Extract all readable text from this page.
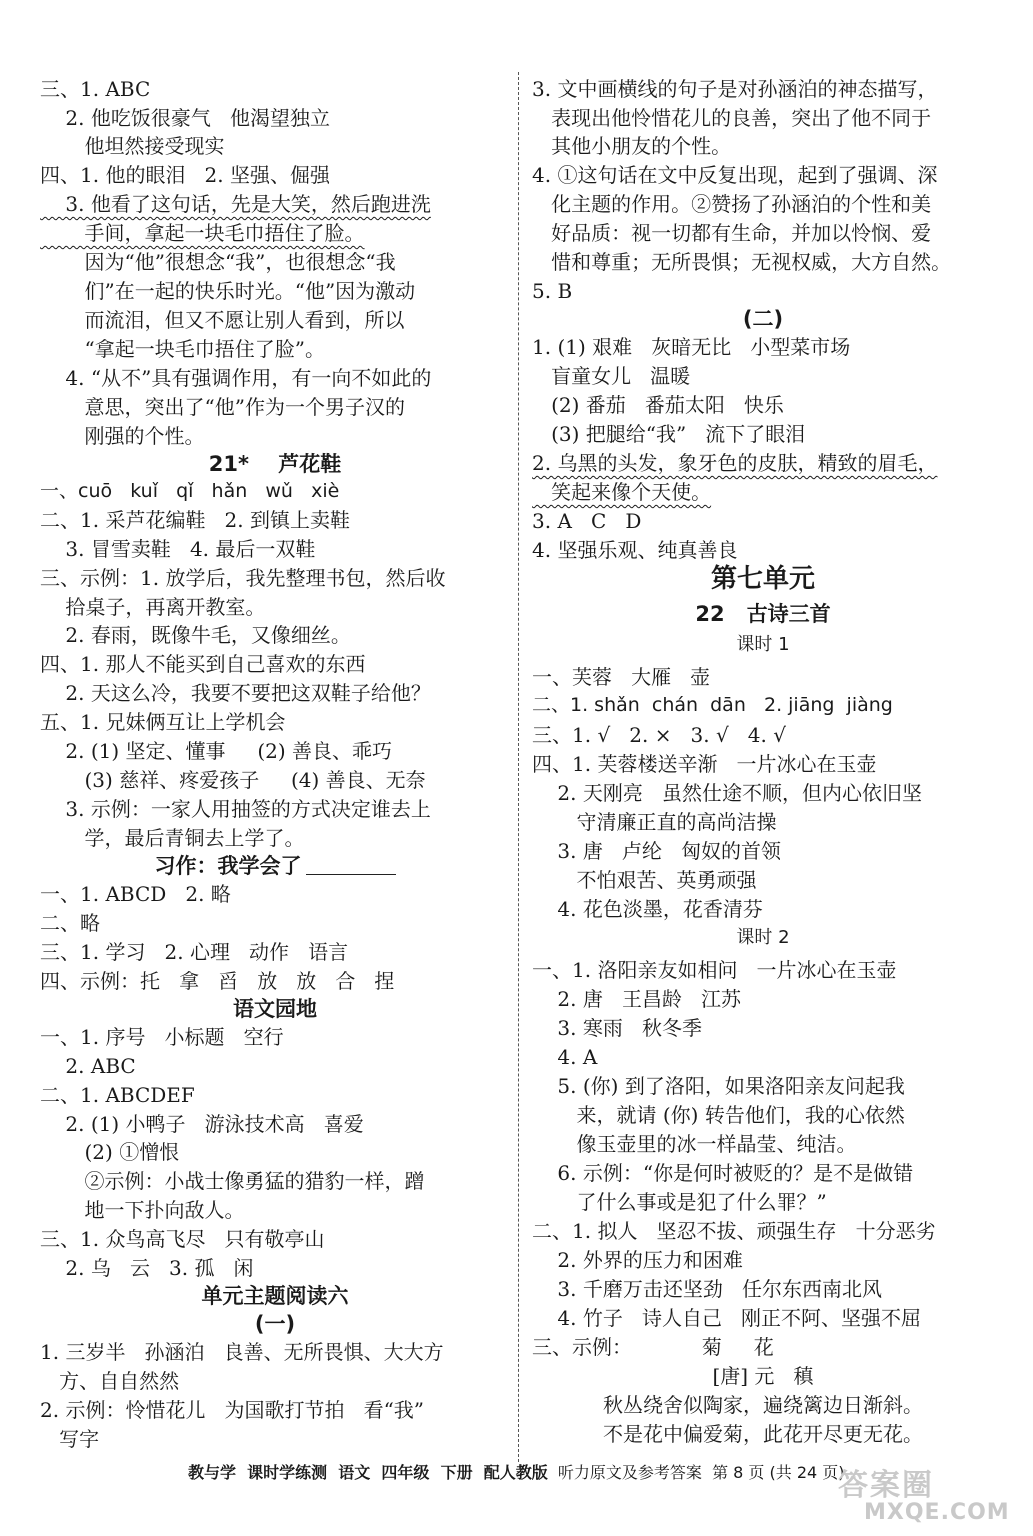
三、1. ABC
2. 他吃饭很豪气   他渴望独立
他坦然接受现实
四、1. 他的眼泪   2. 坚强、倔强
3. 他看了这句话，先是大笑，然后跑进洗
手间，拿起一块毛巾捂住了脸。
因为“他”很想念“我”，也很想念“我
们”在一起的快乐时光。“他”因为激动
而流泪，但又不愿让别人看到，所以
“拿起一块毛巾捂住了脸”。
4. “从不”具有强调作用，有一向不如此的
意思，突出了“他”作为一个男子汉的
刚强的个性。
21*    芦花鞋
一、cuō   kuǐ   qǐ   hǎn   wǔ   xiè
二、1. 采芦花编鞋   2. 到镇上卖鞋
3. 冒雪卖鞋   4. 最后一双鞋
三、示例：1. 放学后，我先整理书包，然后收
拾桌子，再离开教室。
2. 春雨，既像牛毛，又像细丝。
四、1. 那人不能买到自己喜欢的东西
2. 天这么冷，我要不要把这双鞋子给他？
五、1. 兄妹俩互让上学机会
2. (1) 坚定、懂事     (2) 善良、乖巧
(3) 慈祥、疼爱孩子     (4) 善良、无奈
3. 示例：一家人用抽签的方式决定谁去上
学，最后青铜去上学了。
习作：我学会了
一、1. ABCD   2. 略
二、略
三、1. 学习   2. 心理   动作   语言
四、示例：托   拿   舀   放   放   合   捏
语文园地
一、1. 序号   小标题   空行
2. ABC
二、1. ABCDEF
2. (1) 小鸭子   游泳技术高   喜爱
(2) ①憎恨
②示例：小战士像勇猛的猎豹一样，蹭
地一下扑向敌人。
三、1. 众鸟高飞尽   只有敬亭山
2. 乌   云   3. 孤   闲
单元主题阅读六
(一)
1. 三岁半   孙涵泊   良善、无所畏惧、大大方
方、自自然然
2. 示例：怜惜花儿   为国歌打节拍   看“我”
写字
3. 文中画横线的句子是对孙涵泊的神态描写，
表现出他怜惜花儿的良善，突出了他不同于
其他小朋友的个性。
4. ①这句话在文中反复出现，起到了强调、深
化主题的作用。②赞扬了孙涵泊的个性和美
好品质：视一切都有生命，并加以怜悯、爱
惜和尊重；无所畏惧；无视权威，大方自然。
5. B
(二)
1. (1) 艰难   灰暗无比   小型菜市场
盲童女儿   温暖
(2) 番茄   番茄太阳   快乐
(3) 把腿给“我”   流下了眼泪
2. 乌黑的头发，象牙色的皮肤，精致的眉毛，
笑起来像个天使。
3. A   C   D
4. 坚强乐观、纯真善良
第七单元
22   古诗三首
课时 1
一、芙蓉   大雁   壶
二、1. shǎn  chán  dān   2. jiāng  jiàng
三、1. √   2. ×   3. √   4. √
四、1. 芙蓉楼送辛渐   一片冰心在玉壶
2. 天刚亮   虽然仕途不顺，但内心依旧坚
守清廉正直的高尚洁操
3. 唐   卢纶   匈奴的首领
不怕艰苦、英勇顽强
4. 花色淡墨，花香清芬
课时 2
一、1. 洛阳亲友如相问   一片冰心在玉壶
2. 唐   王昌龄   江苏
3. 寒雨   秋冬季
4. A
5. (你) 到了洛阳，如果洛阳亲友问起我
来，就请 (你) 转告他们，我的心依然
像玉壶里的冰一样晶莹、纯洁。
6. 示例：“你是何时被贬的？是不是做错
了什么事或是犯了什么罪？”
二、1. 拟人   坚忍不拔、顽强生存   十分恶劣
2. 外界的压力和困难
3. 千磨万击还坚劲   任尔东西南北风
4. 竹子   诗人自己   刚正不阿、坚强不屈
三、示例：           菊     花
[唐] 元   稹
秋丛绕舍似陶家，遍绕篱边日渐斜。
不是花中偏爱菊，此花开尽更无花。
教与学  课时学练测  语文  四年级  下册  配人教版  听力原文及参考答案  第 8 页 (共 24 页)
答案圈
MXQE.COM
